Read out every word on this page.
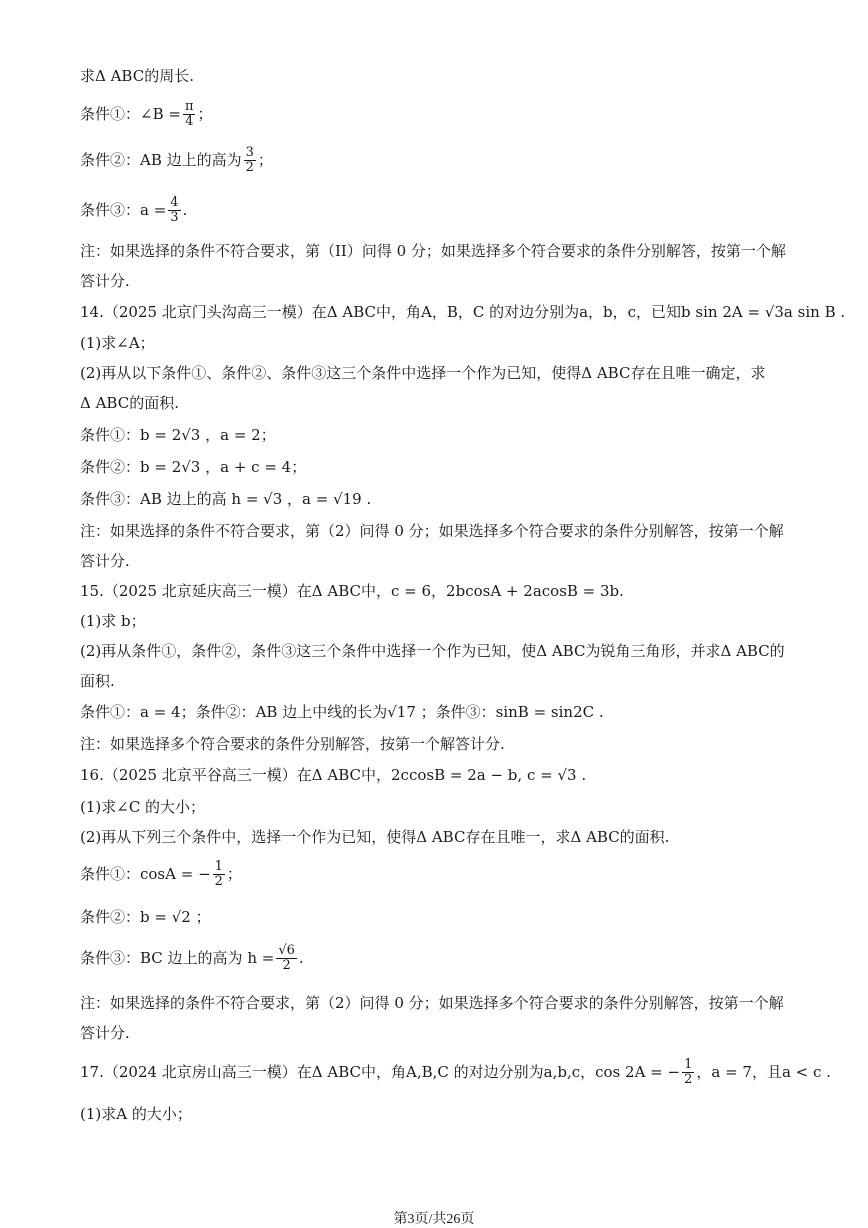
求Δ ABC的周长.
条件①：∠B = $\frac{\pi}{4}$ ；
条件②：AB 边上的高为 $\frac{3}{2}$ ；
条件③：$a = \frac{4}{3}$ .
注：如果选择的条件不符合要求，第（II）问得 0 分；如果选择多个符合要求的条件分别解答，按第一个解
答计分.
14.（2025 北京门头沟高三一模）在Δ ABC中，角A，B，C 的对边分别为a，b，c，已知b sin 2A = √3a sin B .
(1)求∠A；
(2)再从以下条件①、条件②、条件③这三个条件中选择一个作为已知，使得Δ ABC存在且唯一确定，求
Δ ABC的面积.
条件①：b = 2√3 ，a = 2；
条件②：b = 2√3 ，a + c = 4；
条件③：AB 边上的高 h = √3 ，a = √19 .
注：如果选择的条件不符合要求，第（2）问得 0 分；如果选择多个符合要求的条件分别解答，按第一个解
答计分.
15.（2025 北京延庆高三一模）在Δ ABC中，c = 6，2bcosA + 2acosB = 3b.
(1)求 b；
(2)再从条件①，条件②，条件③这三个条件中选择一个作为已知，使Δ ABC为锐角三角形，并求Δ ABC的
面积.
条件①：a = 4；条件②：AB 边上中线的长为√17 ；条件③：sinB = sin2C .
注：如果选择多个符合要求的条件分别解答，按第一个解答计分.
16.（2025 北京平谷高三一模）在Δ ABC中，2ccosB = 2a − b, c = √3 .
(1)求∠C 的大小；
(2)再从下列三个条件中，选择一个作为已知，使得Δ ABC存在且唯一，求Δ ABC的面积.
条件①：cosA = − $\frac{1}{2}$ ；
条件②：b = √2 ；
条件③：BC 边上的高为 $h = \frac{√6}{2}$ .
注：如果选择的条件不符合要求，第（2）问得 0 分；如果选择多个符合要求的条件分别解答，按第一个解
答计分.
17.（2024 北京房山高三一模）在Δ ABC中，角A,B,C 的对边分别为a,b,c，cos 2A = − $\frac{1}{2}$ ，a = 7，且a < c .
(1)求A 的大小；
第3页/共26页
